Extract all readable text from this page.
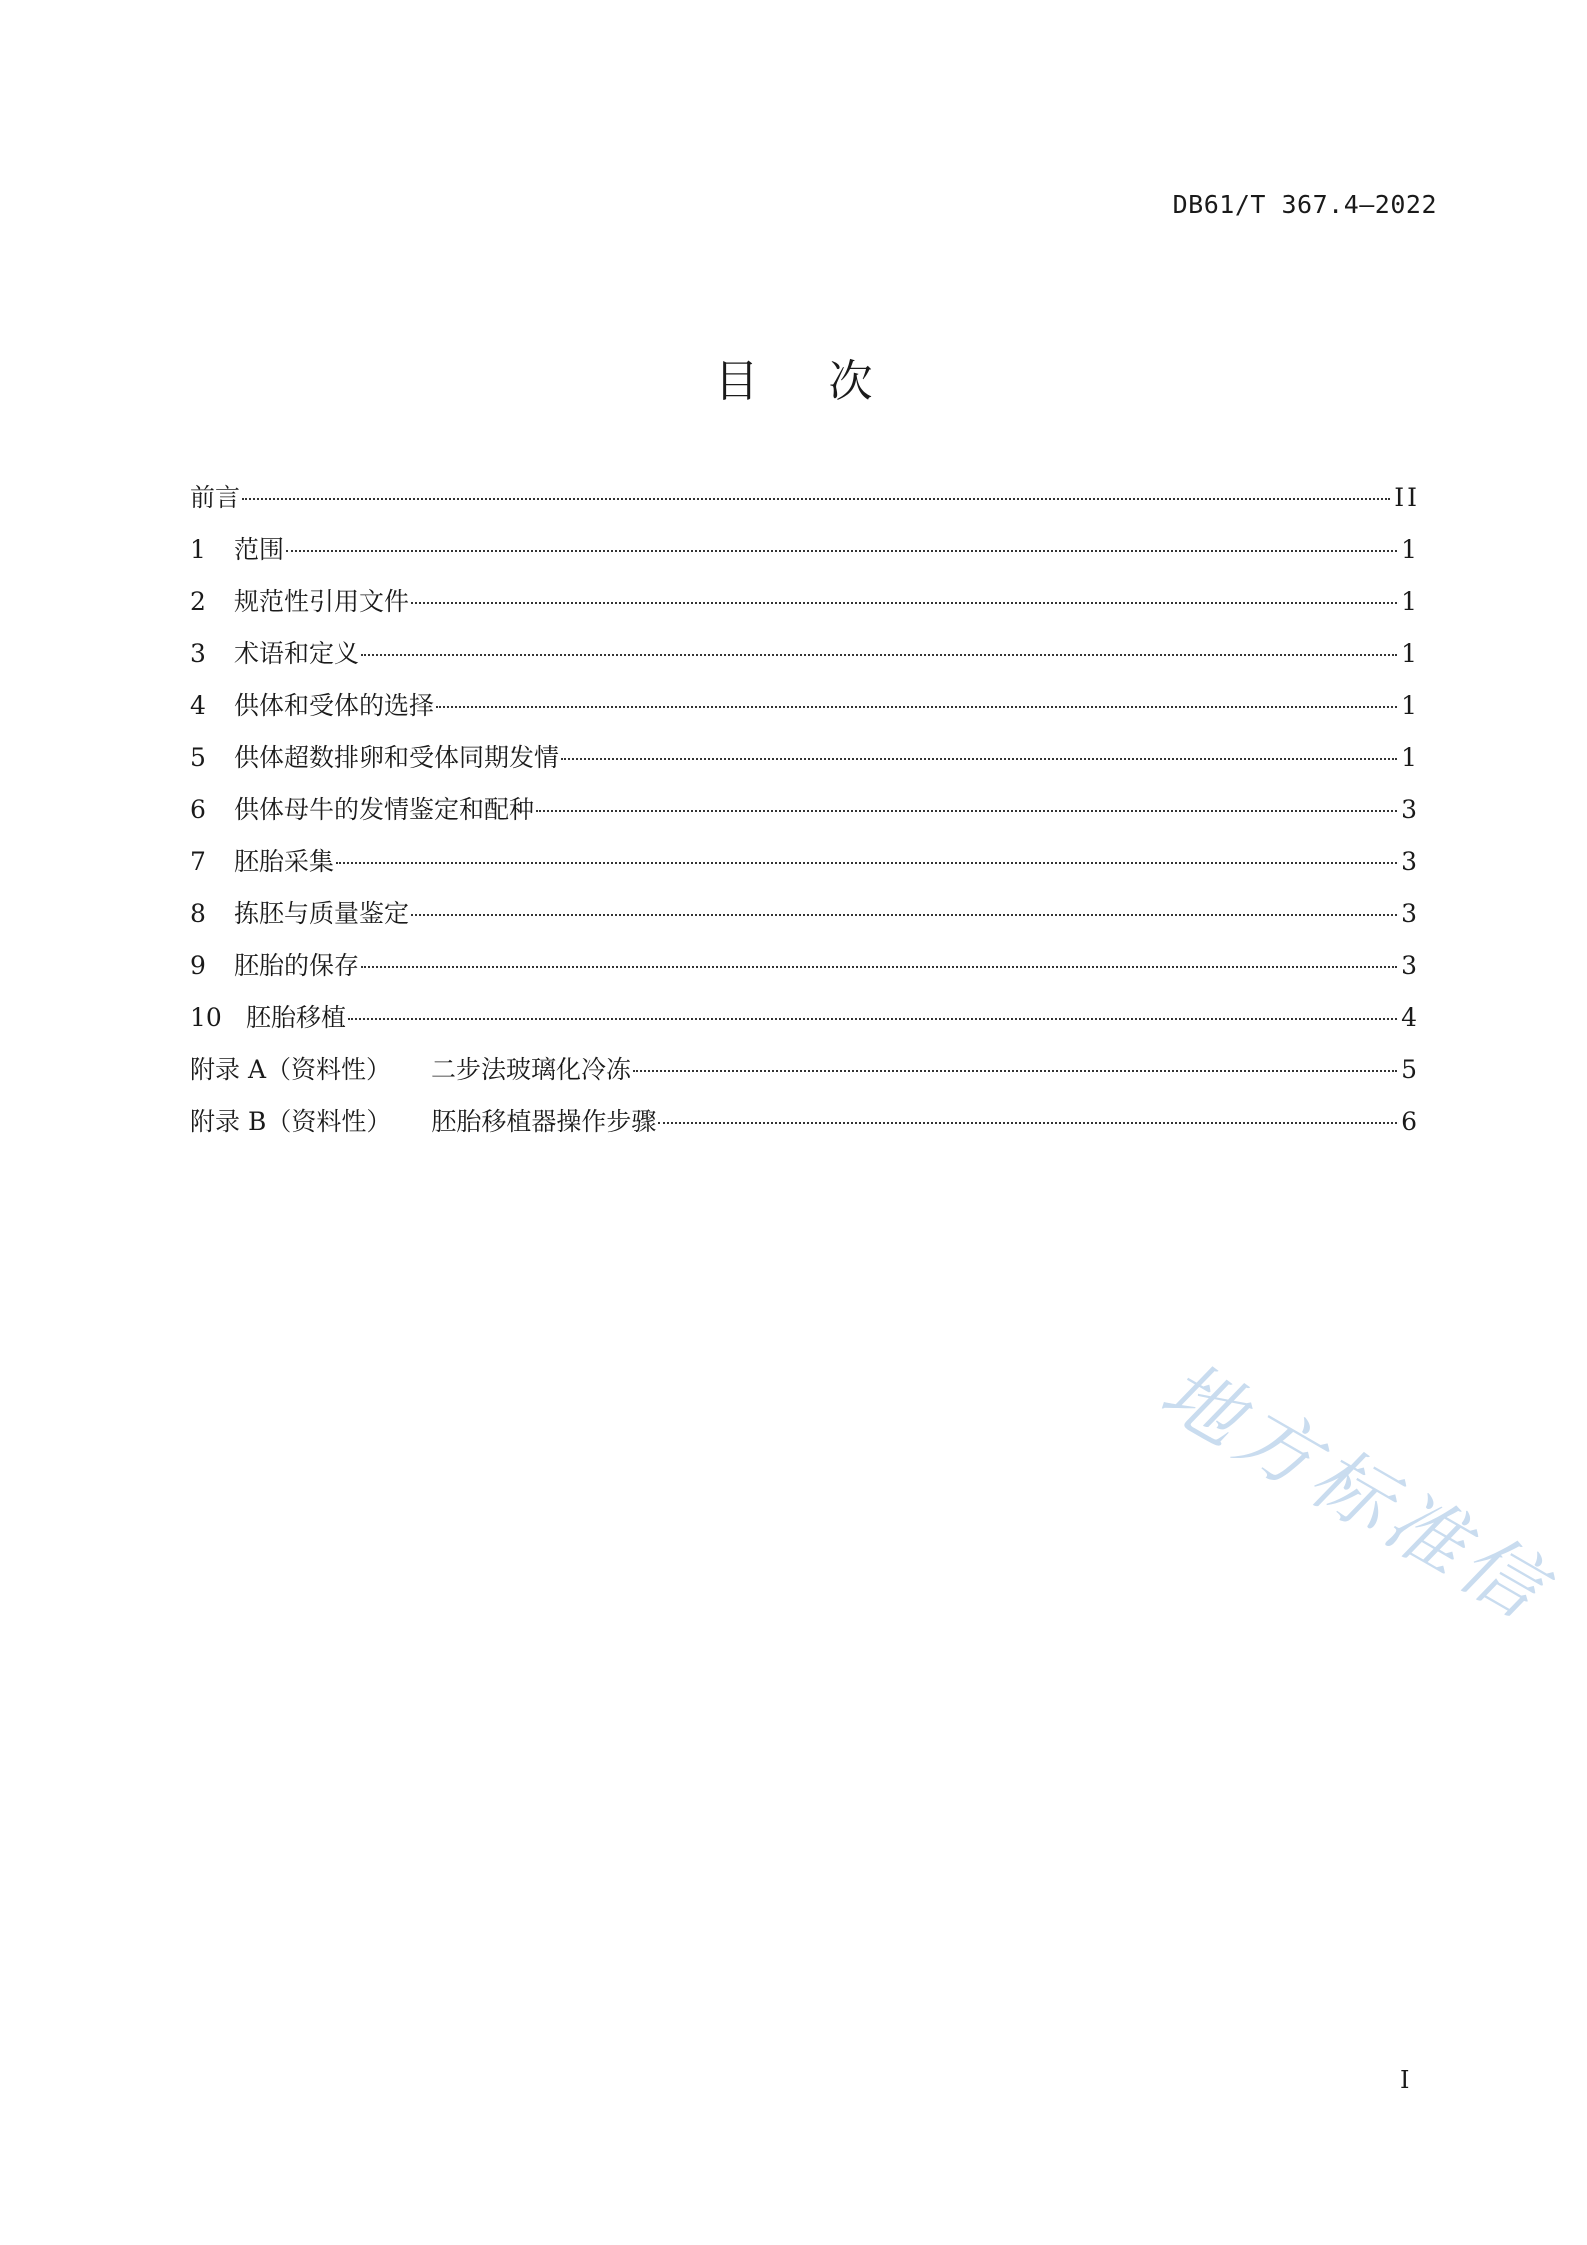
DB61/T 367.4—2022
目次
前言	II
1	范围	1
2	规范性引用文件	1
3	术语和定义	1
4	供体和受体的选择	1
5	供体超数排卵和受体同期发情	1
6	供体母牛的发情鉴定和配种	3
7	胚胎采集	3
8	拣胚与质量鉴定	3
9	胚胎的保存	3
10 胚胎移植	4
附录 A（资料性） 二步法玻璃化冷冻	5
附录 B（资料性） 胚胎移植器操作步骤	6
地方标准信
I
